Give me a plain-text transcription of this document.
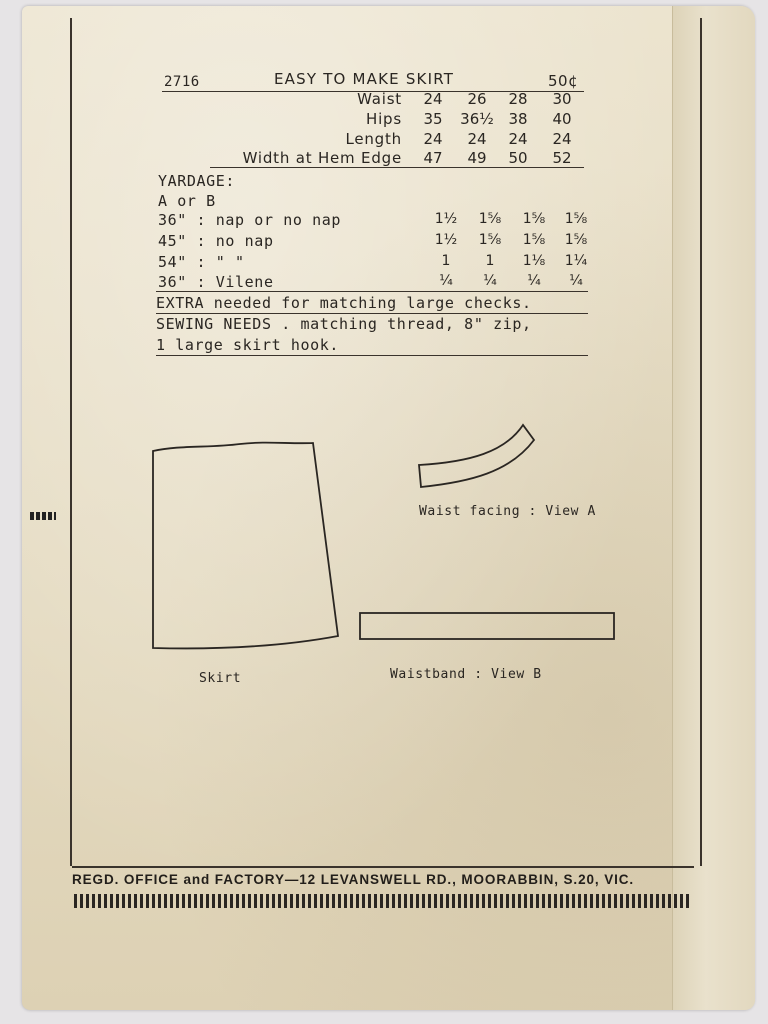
2716	EASY TO MAKE SKIRT	50¢
Waist	24	26	28	30
Hips	35	36½ 38	40
Length	24	24	24	24
Width at Hem Edge	47	49	50	52
YARDAGE:
A or B
36" : nap or no nap	1½	1⅝	1⅝	1⅝
45" : no nap	1½	1⅝	1⅝	1⅝
54" : " "	1	1	1⅛	1¼
36" : Vilene	¼	¼	¼	¼
EXTRA needed for matching large checks.
SEWING NEEDS . matching thread, 8" zip,
1 large skirt hook.
Waist facing : View A
Skirt	Waistband : View B
REGD. OFFICE and FACTORY—12 LEVANSWELL RD., MOORABBIN, S.20, VIC.
